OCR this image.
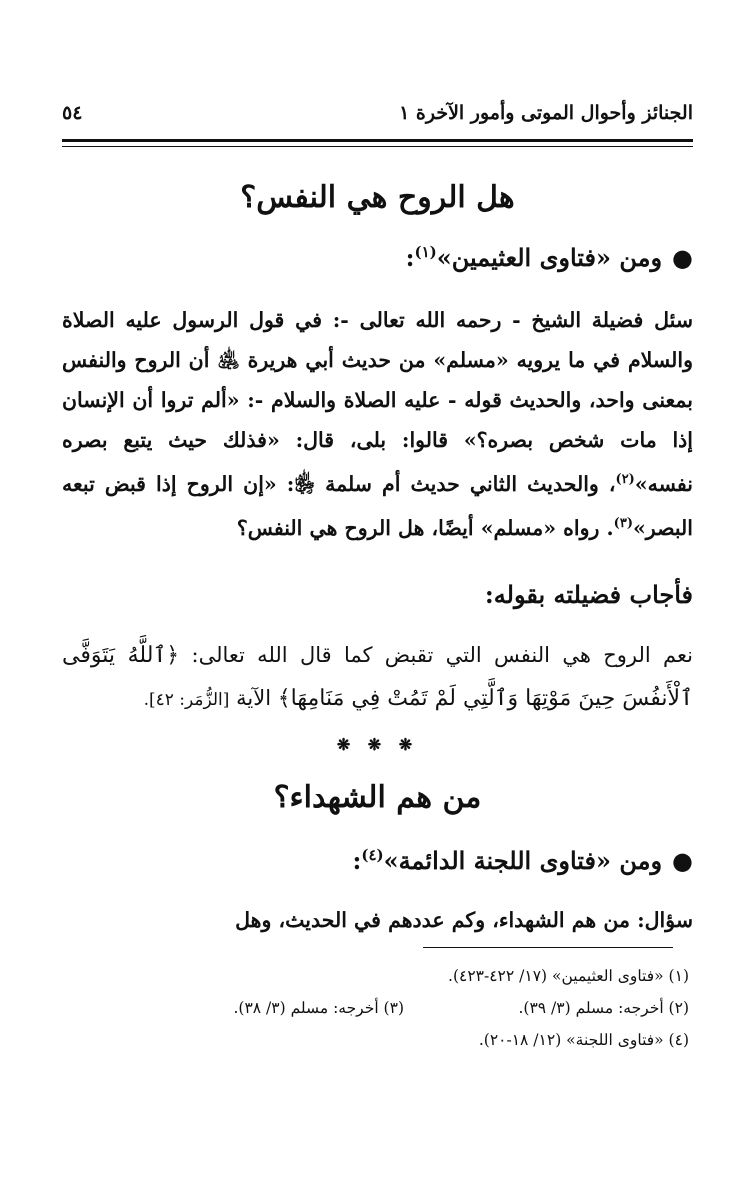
الجنائز وأحوال الموتى وأمور الآخرة ١
٥٤
هل الروح هي النفس؟
●ومن «فتاوى العثيمين»$^{(١)}$:

سئل فضيلة الشيخ - رحمه الله تعالى -: في قول الرسول عليه الصلاة والسلام في ما يرويه «مسلم» من حديث أبي هريرة ﵁ أن الروح والنفس بمعنى واحد، والحديث قوله - عليه الصلاة والسلام -: «ألم تروا أن الإنسان إذا مات شخص بصره؟» قالوا: بلى، قال: «فذلك حيث يتبع بصره نفسه»$^{(٢)}$، والحديث الثاني حديث أم سلمة ﵂: «إن الروح إذا قبض تبعه البصر»$^{(٣)}$. رواه «مسلم» أيضًا، هل الروح هي النفس؟

فأجاب فضيلته بقوله:
نعم الروح هي النفس التي تقبض كما قال الله تعالى: ﴿ٱللَّهُ يَتَوَفَّى ٱلْأَنفُسَ حِينَ مَوْتِهَا وَٱلَّتِي لَمْ تَمُتْ فِي مَنَامِهَا﴾ الآية [الزُّمَر: ٤٢].
❋ ❋ ❋
من هم الشهداء؟
●ومن «فتاوى اللجنة الدائمة»$^{(٤)}$:

سؤال: من هم الشهداء، وكم عددهم في الحديث، وهل

(١) «فتاوى العثيمين» (١٧/ ٤٢٢-٤٢٣).
(٢) أخرجه: مسلم (٣/ ٣٩).
(٣) أخرجه: مسلم (٣/ ٣٨).
(٤) «فتاوى اللجنة» (١٢/ ١٨-٢٠).
